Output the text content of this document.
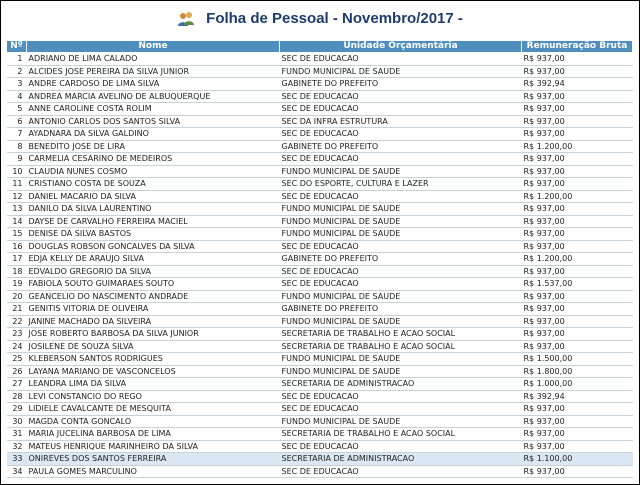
Folha de Pessoal - Novembro/2017 -
Nº	Nome	Unidade Orçamentária	Remuneração Bruta
1	ADRIANO DE LIMA CALADO	SEC DE EDUCACAO	R$ 937,00
2	ALCIDES JOSE PEREIRA DA SILVA JUNIOR	FUNDO MUNICIPAL DE SAUDE	R$ 937,00
3	ANDRE CARDOSO DE LIMA SILVA	GABINETE DO PREFEITO	R$ 392,94
4	ANDREA MARCIA AVELINO DE ALBUQUERQUE	SEC DE EDUCACAO	R$ 937,00
5	ANNE CAROLINE COSTA ROLIM	SEC DE EDUCACAO	R$ 937,00
6	ANTONIO CARLOS DOS SANTOS SILVA	SEC DA INFRA ESTRUTURA	R$ 937,00
7	AYADNARA DA SILVA GALDINO	SEC DE EDUCACAO	R$ 937,00
8	BENEDITO JOSE DE LIRA	GABINETE DO PREFEITO	R$ 1.200,00
9	CARMELIA CESARINO DE MEDEIROS	SEC DE EDUCACAO	R$ 937,00
10	CLAUDIA NUNES COSMO	FUNDO MUNICIPAL DE SAUDE	R$ 937,00
11	CRISTIANO COSTA DE SOUZA	SEC DO ESPORTE, CULTURA E LAZER	R$ 937,00
12	DANIEL MACARIO DA SILVA	SEC DE EDUCACAO	R$ 1.200,00
13	DANILO DA SILVA LAURENTINO	FUNDO MUNICIPAL DE SAUDE	R$ 937,00
14	DAYSE DE CARVALHO FERREIRA MACIEL	FUNDO MUNICIPAL DE SAUDE	R$ 937,00
15	DENISE DA SILVA BASTOS	FUNDO MUNICIPAL DE SAUDE	R$ 937,00
16	DOUGLAS ROBSON GONCALVES DA SILVA	SEC DE EDUCACAO	R$ 937,00
17	EDJA KELLY DE ARAUJO SILVA	GABINETE DO PREFEITO	R$ 1.200,00
18	EDVALDO GREGORIO DA SILVA	SEC DE EDUCACAO	R$ 937,00
19	FABIOLA SOUTO GUIMARAES SOUTO	SEC DE EDUCACAO	R$ 1.537,00
20	GEANCELIO DO NASCIMENTO ANDRADE	FUNDO MUNICIPAL DE SAUDE	R$ 937,00
21	GENITIS VITORIA DE OLIVEIRA	GABINETE DO PREFEITO	R$ 937,00
22	JANINE MACHADO DA SILVEIRA	FUNDO MUNICIPAL DE SAUDE	R$ 937,00
23	JOSE ROBERTO BARBOSA DA SILVA JUNIOR	SECRETARIA DE TRABALHO E ACAO SOCIAL	R$ 937,00
24	JOSILENE DE SOUZA SILVA	SECRETARIA DE TRABALHO E ACAO SOCIAL	R$ 937,00
25	KLEBERSON SANTOS RODRIGUES	FUNDO MUNICIPAL DE SAUDE	R$ 1.500,00
26	LAYANA MARIANO DE VASCONCELOS	FUNDO MUNICIPAL DE SAUDE	R$ 1.800,00
27	LEANDRA LIMA DA SILVA	SECRETARIA DE ADMINISTRACAO	R$ 1.000,00
28	LEVI CONSTANCIO DO REGO	SEC DE EDUCACAO	R$ 392,94
29	LIDIELE CAVALCANTE DE MESQUITA	SEC DE EDUCACAO	R$ 937,00
30	MAGDA CONTA GONCALO	FUNDO MUNICIPAL DE SAUDE	R$ 937,00
31	MARIA JUCELINA BARBOSA DE LIMA	SECRETARIA DE TRABALHO E ACAO SOCIAL	R$ 937,00
32	MATEUS HENRIQUE MARINHEIRO DA SILVA	SEC DE EDUCACAO	R$ 937,00
33	ONIREVES DOS SANTOS FERREIRA	SECRETARIA DE ADMINISTRACAO	R$ 1.100,00
34	PAULA GOMES MARCULINO	SEC DE EDUCACAO	R$ 937,00
